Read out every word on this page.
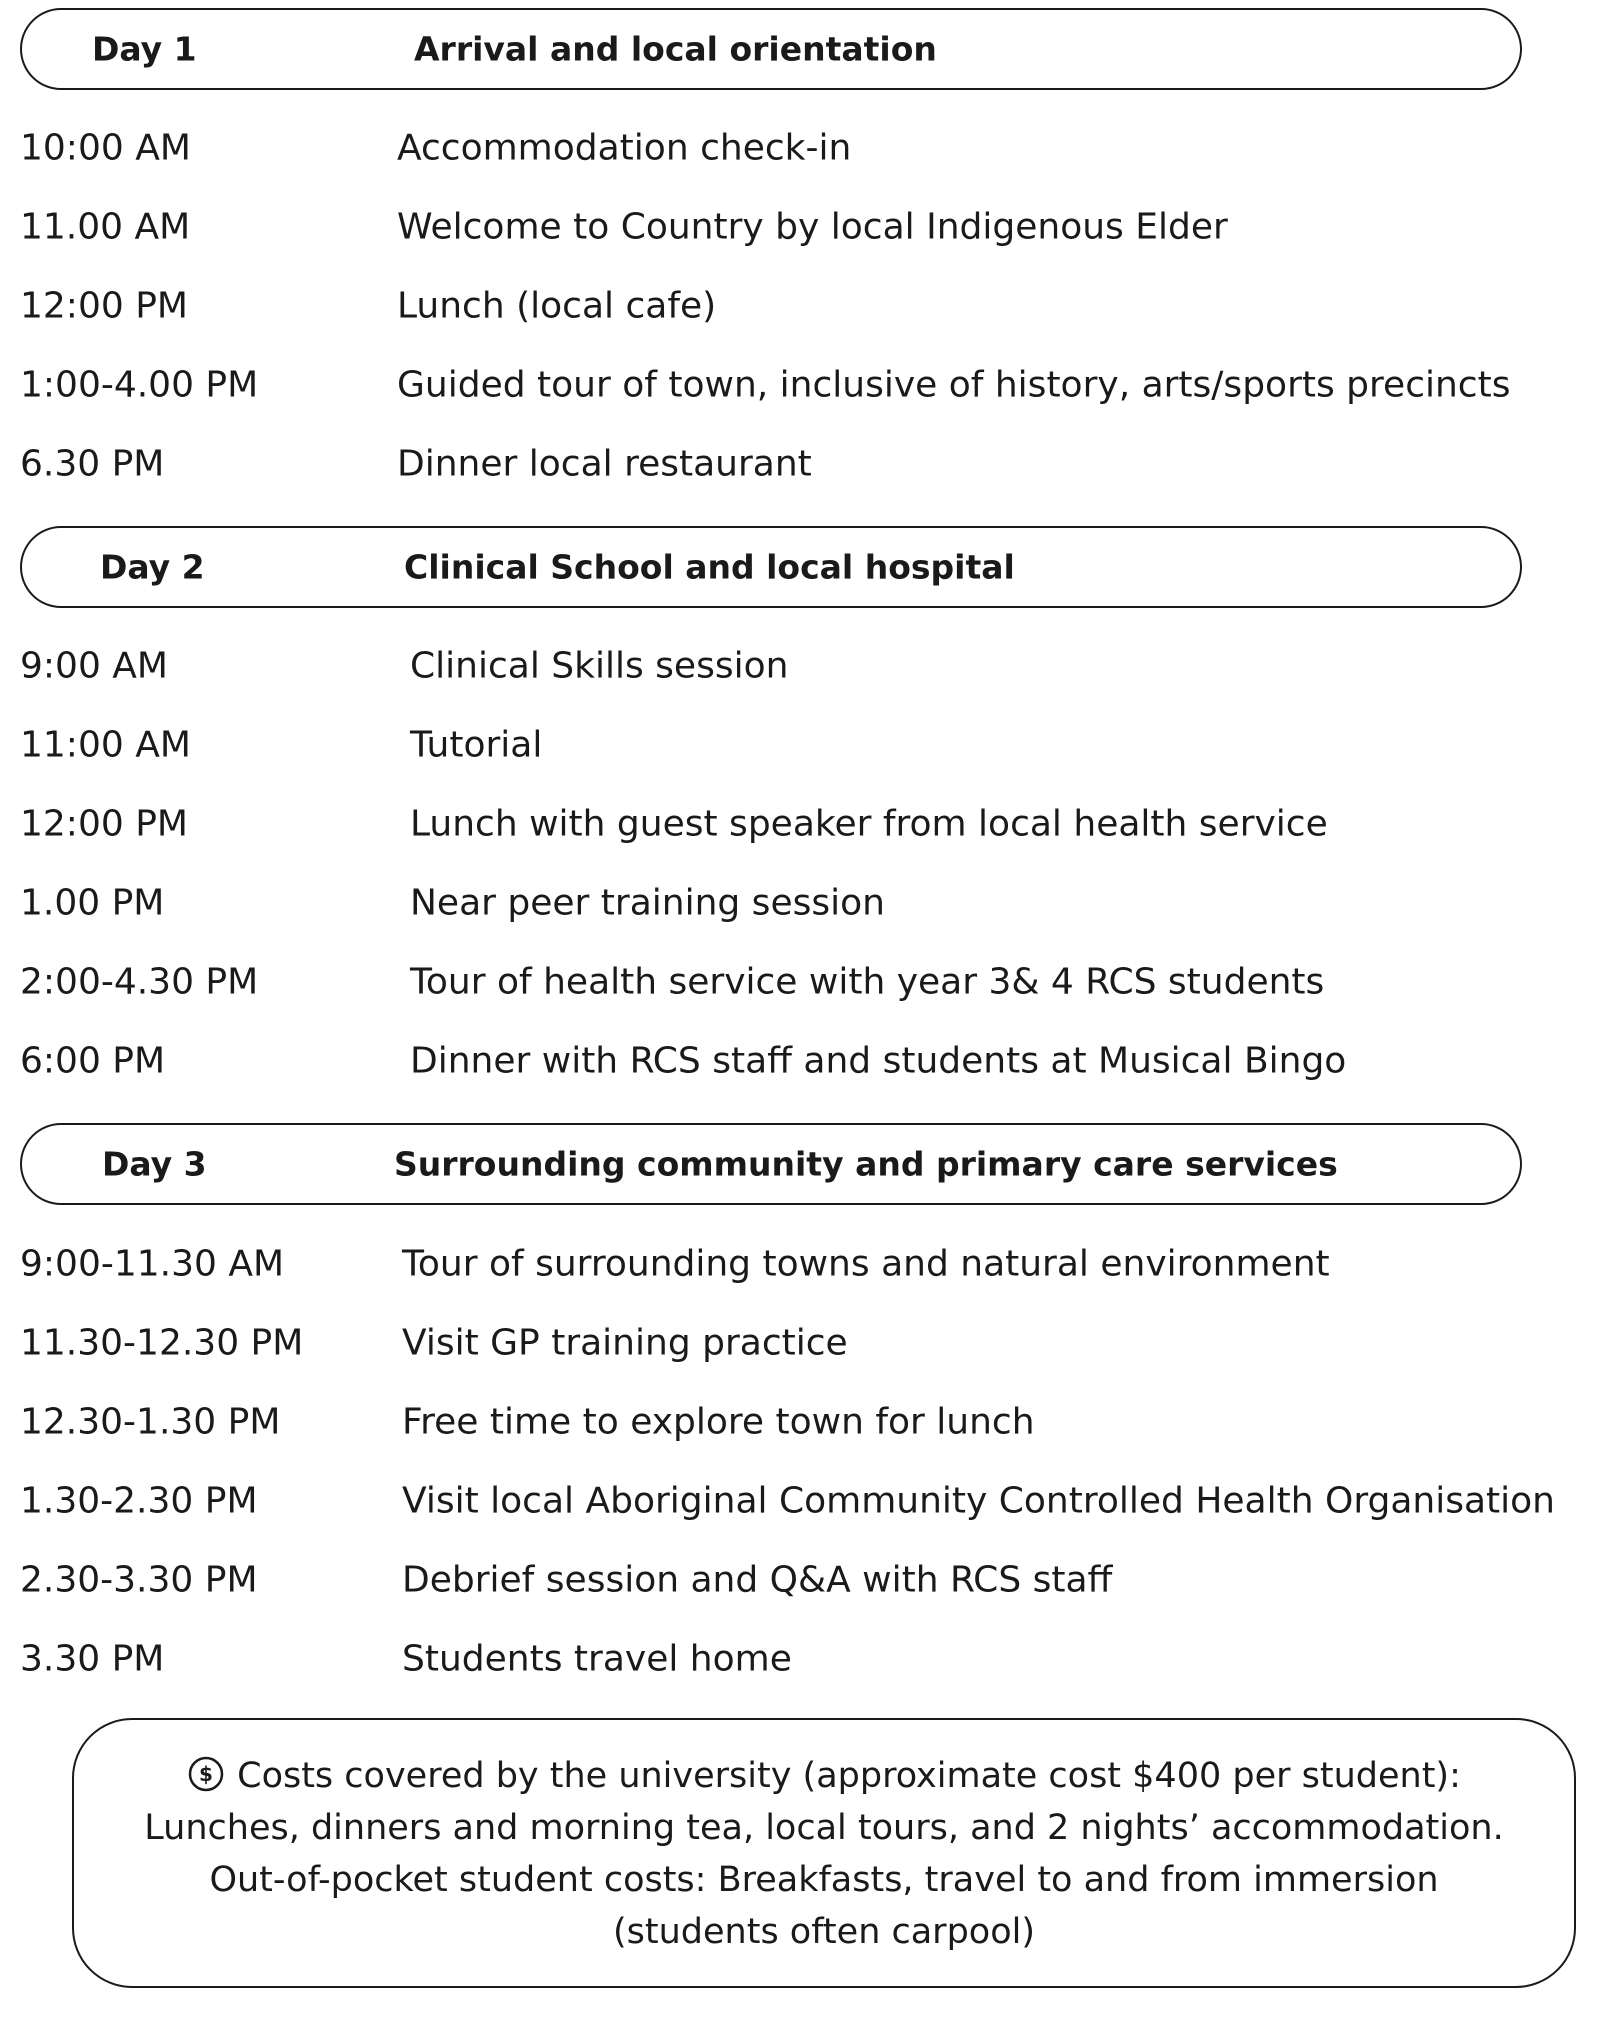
Day 1	Arrival and local orientation
10:00 AM	Accommodation check-in
11.00 AM	Welcome to Country by local Indigenous Elder
12:00 PM	Lunch (local cafe)
1:00-4.00 PM	Guided tour of town, inclusive of history, arts/sports precincts
6.30 PM	Dinner local restaurant
Day 2	Clinical School and local hospital
9:00 AM	Clinical Skills session
11:00 AM	Tutorial
12:00 PM	Lunch with guest speaker from local health service
1.00 PM	Near peer training session
2:00-4.30 PM	Tour of health service with year 3& 4 RCS students
6:00 PM	Dinner with RCS staff and students at Musical Bingo
Day 3	Surrounding community and primary care services
9:00-11.30 AM	Tour of surrounding towns and natural environment
11.30-12.30 PM	Visit GP training practice
12.30-1.30 PM	Free time to explore town for lunch
1.30-2.30 PM	Visit local Aboriginal Community Controlled Health Organisation
2.30-3.30 PM	Debrief session and Q&A with RCS staff
3.30 PM	Students travel home
$ Costs covered by the university (approximate cost $400 per student):
Lunches, dinners and morning tea, local tours, and 2 nights’ accommodation.
Out-of-pocket student costs: Breakfasts, travel to and from immersion
(students often carpool)
